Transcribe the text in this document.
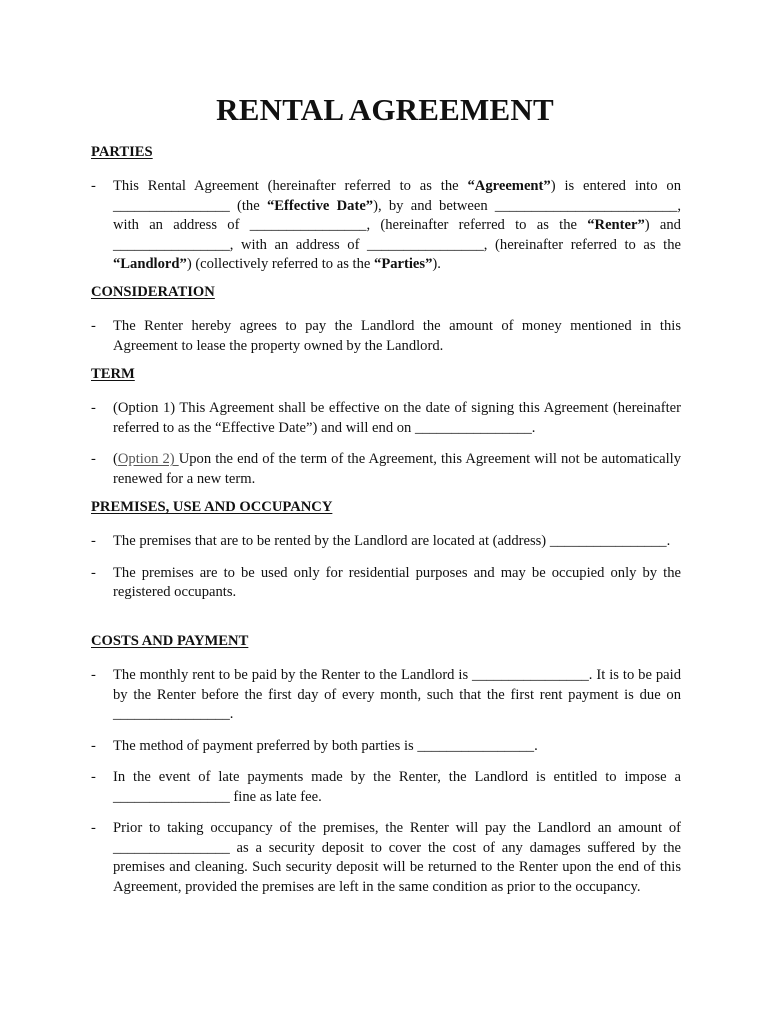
RENTAL AGREEMENT
PARTIES
- This Rental Agreement (hereinafter referred to as the “Agreement”) is entered into on ________________ (the “Effective Date”), by and between _________________________, with an address of ________________, (hereinafter referred to as the “Renter”) and ________________, with an address of ________________, (hereinafter referred to as the “Landlord”) (collectively referred to as the “Parties”).
CONSIDERATION
- The Renter hereby agrees to pay the Landlord the amount of money mentioned in this Agreement to lease the property owned by the Landlord.
TERM
- (Option 1) This Agreement shall be effective on the date of signing this Agreement (hereinafter referred to as the “Effective Date”) and will end on ________________.
- (Option 2) Upon the end of the term of the Agreement, this Agreement will not be automatically renewed for a new term.
PREMISES, USE AND OCCUPANCY
- The premises that are to be rented by the Landlord are located at (address) ________________.
- The premises are to be used only for residential purposes and may be occupied only by the registered occupants.
COSTS AND PAYMENT
- The monthly rent to be paid by the Renter to the Landlord is ________________. It is to be paid by the Renter before the first day of every month, such that the first rent payment is due on ________________.
- The method of payment preferred by both parties is ________________.
- In the event of late payments made by the Renter, the Landlord is entitled to impose a ________________ fine as late fee.
- Prior to taking occupancy of the premises, the Renter will pay the Landlord an amount of ________________ as a security deposit to cover the cost of any damages suffered by the premises and cleaning. Such security deposit will be returned to the Renter upon the end of this Agreement, provided the premises are left in the same condition as prior to the occupancy.
